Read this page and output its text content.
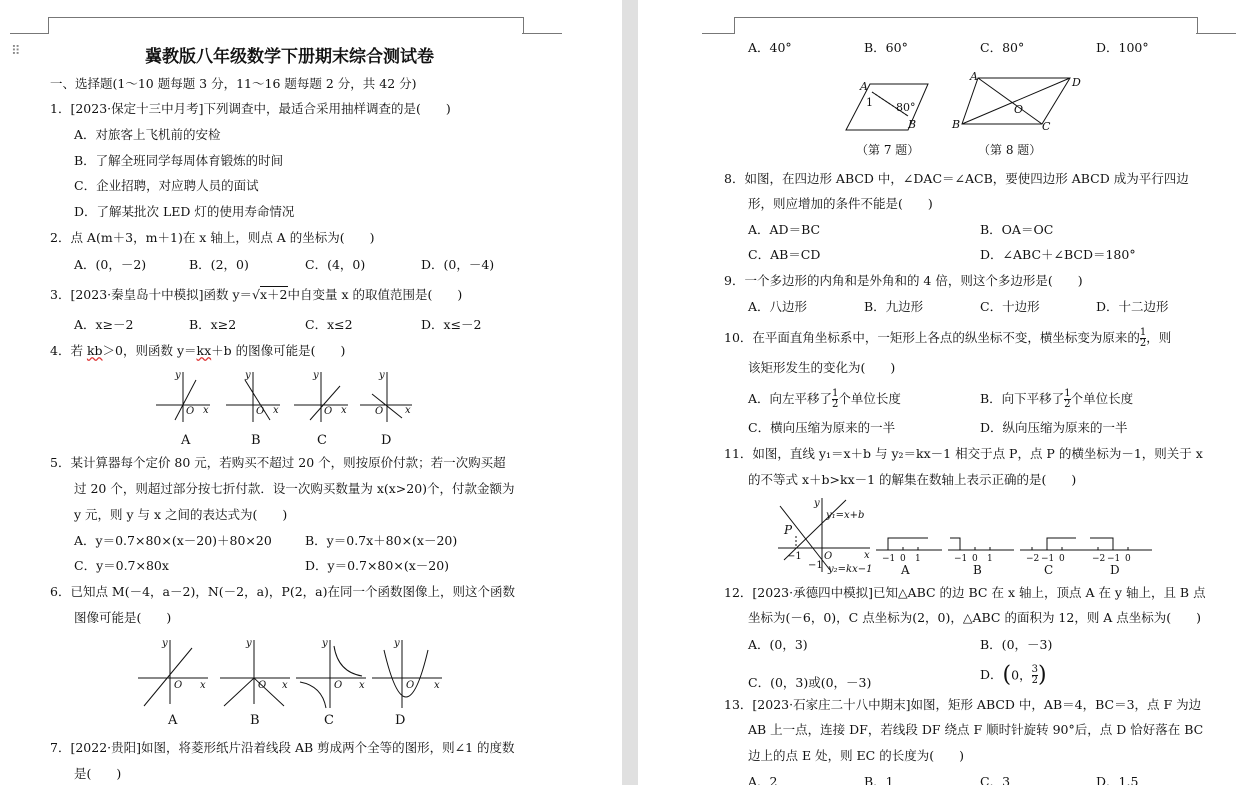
⠿	冀教版八年级数学下册期末综合测试卷
一、选择题(1～10 题每题 3 分，11～16 题每题 2 分，共 42 分)
1．[2023·保定十三中月考]下列调查中，最适合采用抽样调查的是(　　)
A．对旅客上飞机前的安检
B．了解全班同学每周体育锻炼的时间
C．企业招聘，对应聘人员的面试
D．了解某批次 LED 灯的使用寿命情况
2．点 A(m＋3，m＋1)在 x 轴上，则点 A 的坐标为(　　)
A．(0，－2)	B．(2，0)	C．(4，0)	D．(0，－4)
3．[2023·秦皇岛十中模拟]函数 y＝√x＋2中自变量 x 的取值范围是(　　)
A．x≥－2	B．x≥2	C．x≤2	D．x≤－2
4．若 kb＞0，则函数 y＝kx＋b 的图像可能是(　　)
y
x
O
y
x
O
y
x
O
y
x
O
A	B	C	D
5．某计算器每个定价 80 元，若购买不超过 20 个，则按原价付款；若一次购买超
过 20 个，则超过部分按七折付款．设一次购买数量为 x(x>20)个，付款金额为
y 元，则 y 与 x 之间的表达式为(　　)
A．y＝0.7×80×(x－20)＋80×20	B．y＝0.7x＋80×(x－20)
C．y＝0.7×80x	D．y＝0.7×80×(x－20)
6．已知点 M(－4，a－2)，N(－2，a)，P(2，a)在同一个函数图像上，则这个函数
图像可能是(　　)
y
x
O
y
x
O
y
x
O
y
x
O
A	B	C	D
7．[2022·贵阳]如图，将菱形纸片沿着线段 AB 剪成两个全等的图形，则∠1 的度数
是(　　)
A．40°	B．60°	C．80°	D．100°
A
B
1 80°
A	D
B	C
O
（第 7 题）	（第 8 题）
8．如图，在四边形 ABCD 中，∠DAC＝∠ACB，要使四边形 ABCD 成为平行四边
形，则应增加的条件不能是(　　)
A．AD＝BC	B．OA＝OC
C．AB＝CD	D．∠ABC＋∠BCD＝180°
9．一个多边形的内角和是外角和的 4 倍，则这个多边形是(　　)
A．八边形	B．九边形	C．十边形	D．十二边形
10．在平面直角坐标系中，一矩形上各点的纵坐标不变，横坐标变为原来的 $\frac{1}{2}$ ，则
该矩形发生的变化为(　　)
A．向左平移了 $\frac{1}{2}$ 个单位长度	B．向下平移了 $\frac{1}{2}$ 个单位长度
C．横向压缩为原来的一半	D．纵向压缩为原来的一半
11．如图，直线 y₁＝x＋b 与 y₂＝kx－1 相交于点 P，点 P 的横坐标为－1，则关于 x
的不等式 x＋b>kx－1 的解集在数轴上表示正确的是(　　)
y₁=x+b
y₂=kx−1
P
y
x
O
−1
−1
−1 0 1	−1 0 1	−2 −1 0	−2 −1 0
A	B	C	D
12．[2023·承德四中模拟]已知△ABC 的边 BC 在 x 轴上，顶点 A 在 y 轴上，且 B 点
坐标为(－6，0)，C 点坐标为(2，0)，△ABC 的面积为 12，则 A 点坐标为(　　)
A．(0，3)	B．(0，－3)
C．(0，3)或(0，－3)
D．(0， $\frac{3}{2}$ )
13．[2023·石家庄二十八中期末]如图，矩形 ABCD 中，AB＝4，BC＝3，点 F 为边
AB 上一点，连接 DF，若线段 DF 绕点 F 顺时针旋转 90°后，点 D 恰好落在 BC
边上的点 E 处，则 EC 的长度为(　　)
A．2	B．1	C．3	D．1.5
